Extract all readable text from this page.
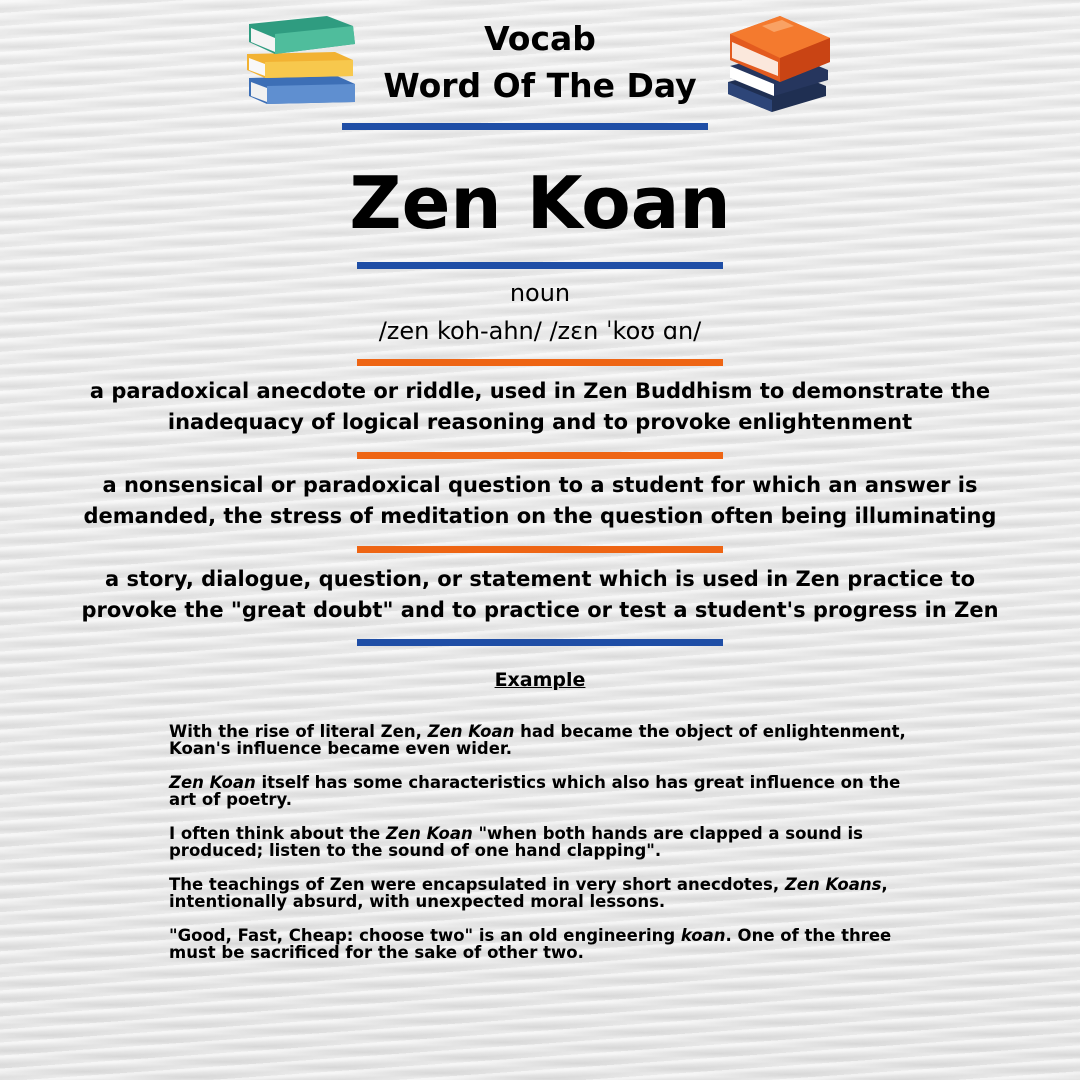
Vocab
Word Of The Day
Zen Koan
noun
/zen koh-ahn/ /zɛn ˈkoʊ ɑn/
a paradoxical anecdote or riddle, used in Zen Buddhism to demonstrate the
inadequacy of logical reasoning and to provoke enlightenment
a nonsensical or paradoxical question to a student for which an answer is
demanded, the stress of meditation on the question often being illuminating
a story, dialogue, question, or statement which is used in Zen practice to
provoke the "great doubt" and to practice or test a student's progress in Zen
Example

With the rise of literal Zen, Zen Koan had became the object of enlightenment,
Koan's influence became even wider.

Zen Koan itself has some characteristics which also has great influence on the
art of poetry.

I often think about the Zen Koan "when both hands are clapped a sound is
produced; listen to the sound of one hand clapping".

The teachings of Zen were encapsulated in very short anecdotes, Zen Koans,
intentionally absurd, with unexpected moral lessons.

"Good, Fast, Cheap: choose two" is an old engineering koan. One of the three
must be sacrificed for the sake of other two.
